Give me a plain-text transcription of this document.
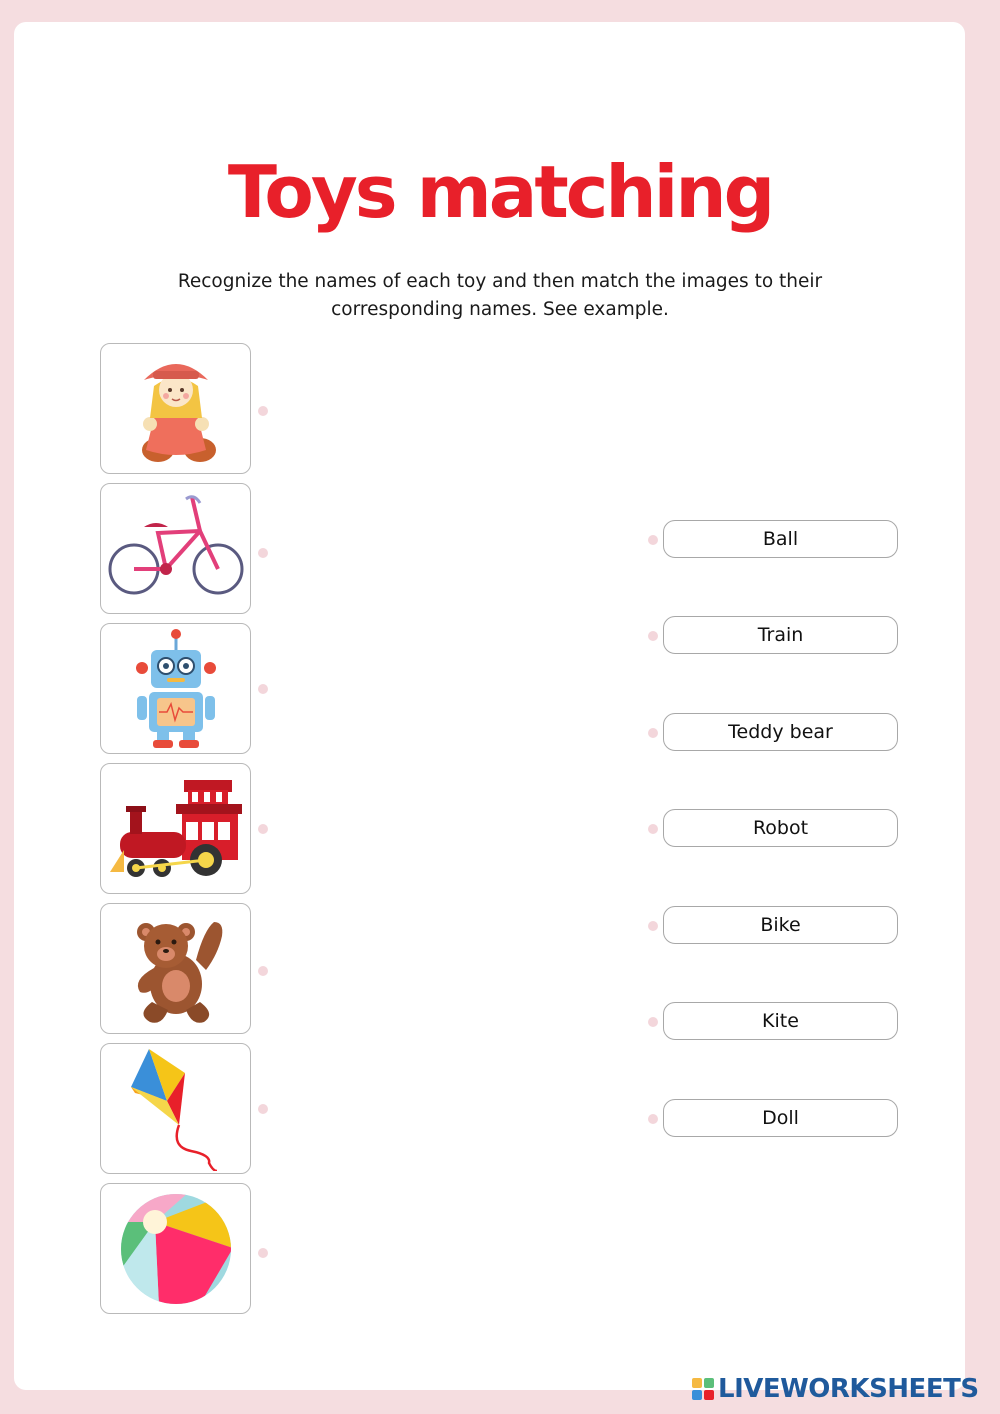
Toys matching
Recognize the names of each toy and then match the images to their corresponding names. See example.
Ball
Train
Teddy bear
Robot
Bike
Kite
Doll
LIVEWORKSHEETS
